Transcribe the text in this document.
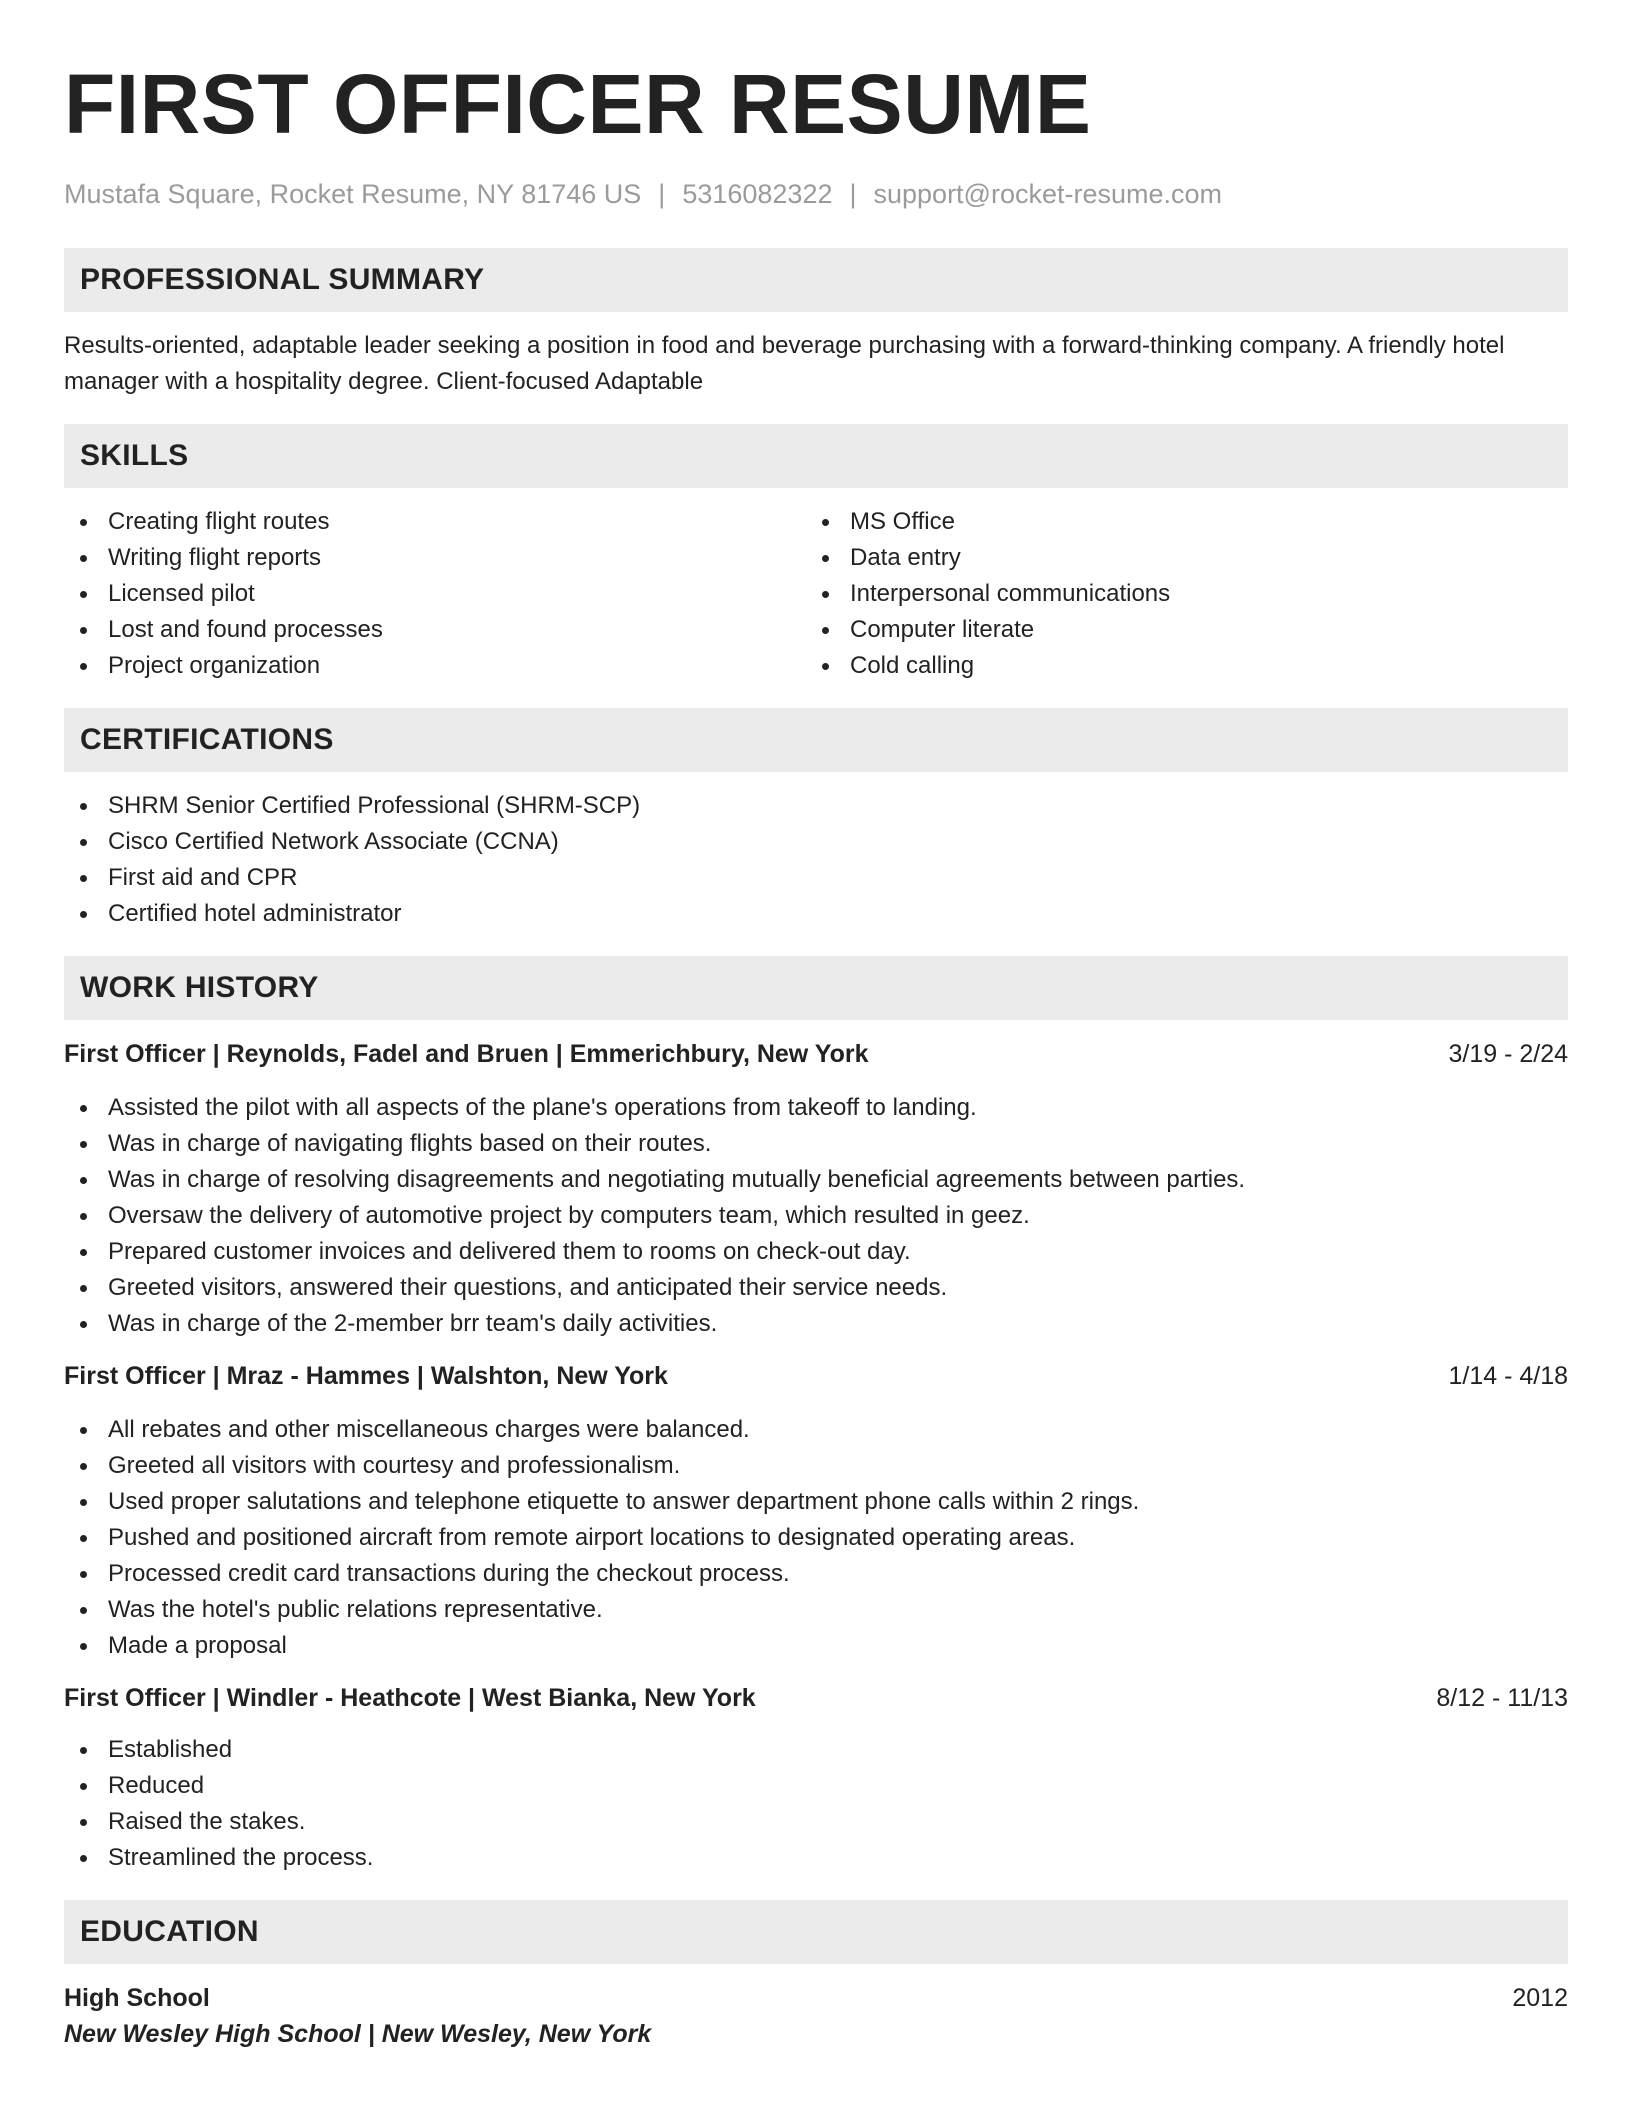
FIRST OFFICER RESUME
Mustafa Square, Rocket Resume, NY 81746 US | 5316082322 | support@rocket-resume.com
PROFESSIONAL SUMMARY

Results-oriented, adaptable leader seeking a position in food and beverage purchasing with a forward-thinking company. A friendly hotel manager with a hospitality degree. Client-focused Adaptable

SKILLS
Creating flight routes
Writing flight reports
Licensed pilot
Lost and found processes
Project organization
MS Office
Data entry
Interpersonal communications
Computer literate
Cold calling
CERTIFICATIONS
SHRM Senior Certified Professional (SHRM-SCP)
Cisco Certified Network Associate (CCNA)
First aid and CPR
Certified hotel administrator
WORK HISTORY
First Officer | Reynolds, Fadel and Bruen | Emmerichbury, New York	3/19 - 2/24
Assisted the pilot with all aspects of the plane's operations from takeoff to landing.
Was in charge of navigating flights based on their routes.
Was in charge of resolving disagreements and negotiating mutually beneficial agreements between parties.
Oversaw the delivery of automotive project by computers team, which resulted in geez.
Prepared customer invoices and delivered them to rooms on check-out day.
Greeted visitors, answered their questions, and anticipated their service needs.
Was in charge of the 2-member brr team's daily activities.
First Officer | Mraz - Hammes | Walshton, New York	1/14 - 4/18
All rebates and other miscellaneous charges were balanced.
Greeted all visitors with courtesy and professionalism.
Used proper salutations and telephone etiquette to answer department phone calls within 2 rings.
Pushed and positioned aircraft from remote airport locations to designated operating areas.
Processed credit card transactions during the checkout process.
Was the hotel's public relations representative.
Made a proposal
First Officer | Windler - Heathcote | West Bianka, New York	8/12 - 11/13
Established
Reduced
Raised the stakes.
Streamlined the process.
EDUCATION
High School	2012
New Wesley High School | New Wesley, New York
